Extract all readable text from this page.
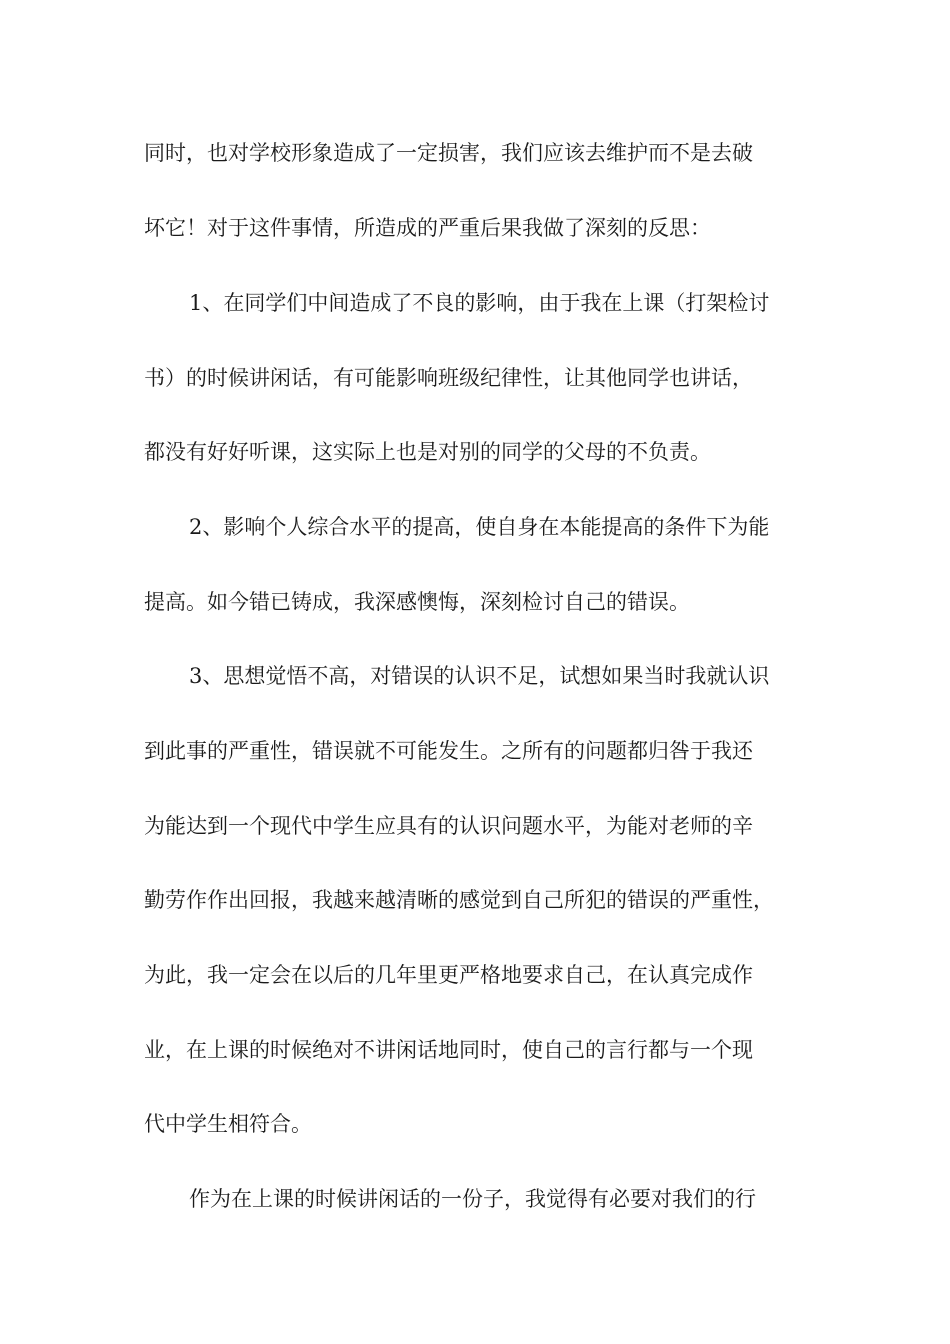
同时，也对学校形象造成了一定损害，我们应该去维护而不是去破
坏它！对于这件事情，所造成的严重后果我做了深刻的反思：
1、在同学们中间造成了不良的影响，由于我在上课（打架检讨
书）的时候讲闲话，有可能影响班级纪律性，让其他同学也讲话，
都没有好好听课，这实际上也是对别的同学的父母的不负责。
2、影响个人综合水平的提高，使自身在本能提高的条件下为能
提高。如今错已铸成，我深感懊悔，深刻检讨自己的错误。
3、思想觉悟不高，对错误的认识不足，试想如果当时我就认识
到此事的严重性，错误就不可能发生。之所有的问题都归咎于我还
为能达到一个现代中学生应具有的认识问题水平，为能对老师的辛
勤劳作作出回报，我越来越清晰的感觉到自己所犯的错误的严重性，
为此，我一定会在以后的几年里更严格地要求自己，在认真完成作
业，在上课的时候绝对不讲闲话地同时，使自己的言行都与一个现
代中学生相符合。
作为在上课的时候讲闲话的一份子，我觉得有必要对我们的行
